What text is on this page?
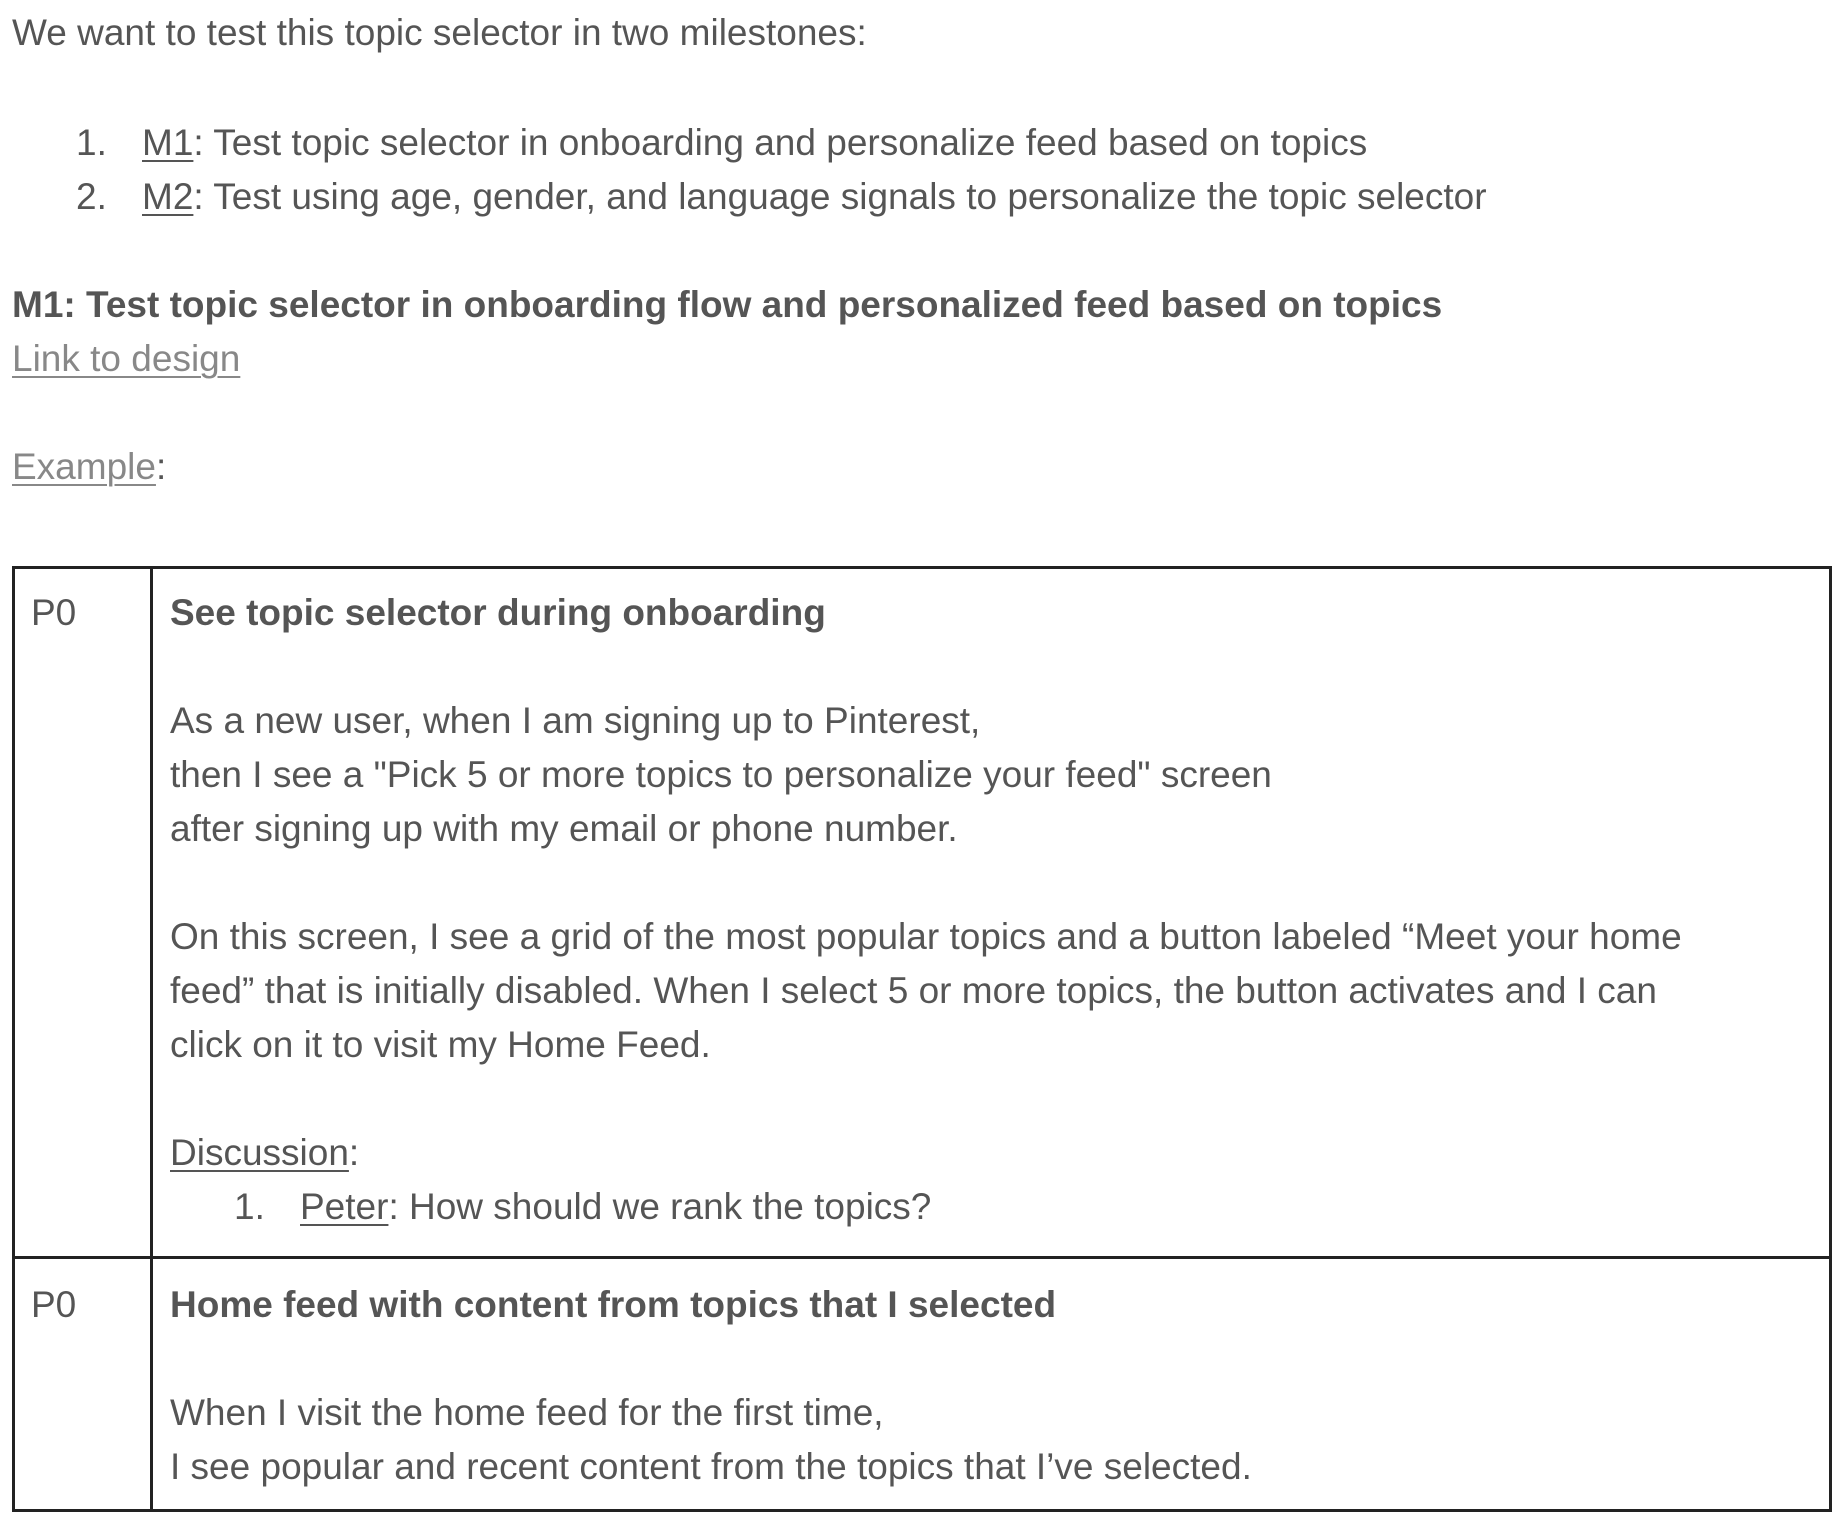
We want to test this topic selector in two milestones:
1. M1: Test topic selector in onboarding and personalize feed based on topics
2. M2: Test using age, gender, and language signals to personalize the topic selector
M1: Test topic selector in onboarding flow and personalized feed based on topics
Link to design
Example:
P0	See topic selector during onboarding
As a new user, when I am signing up to Pinterest,
then I see a "Pick 5 or more topics to personalize your feed" screen
after signing up with my email or phone number.
On this screen, I see a grid of the most popular topics and a button labeled “Meet your home
feed” that is initially disabled. When I select 5 or more topics, the button activates and I can
click on it to visit my Home Feed.
Discussion:
1. Peter: How should we rank the topics?
P0	Home feed with content from topics that I selected
When I visit the home feed for the first time,
I see popular and recent content from the topics that I’ve selected.
